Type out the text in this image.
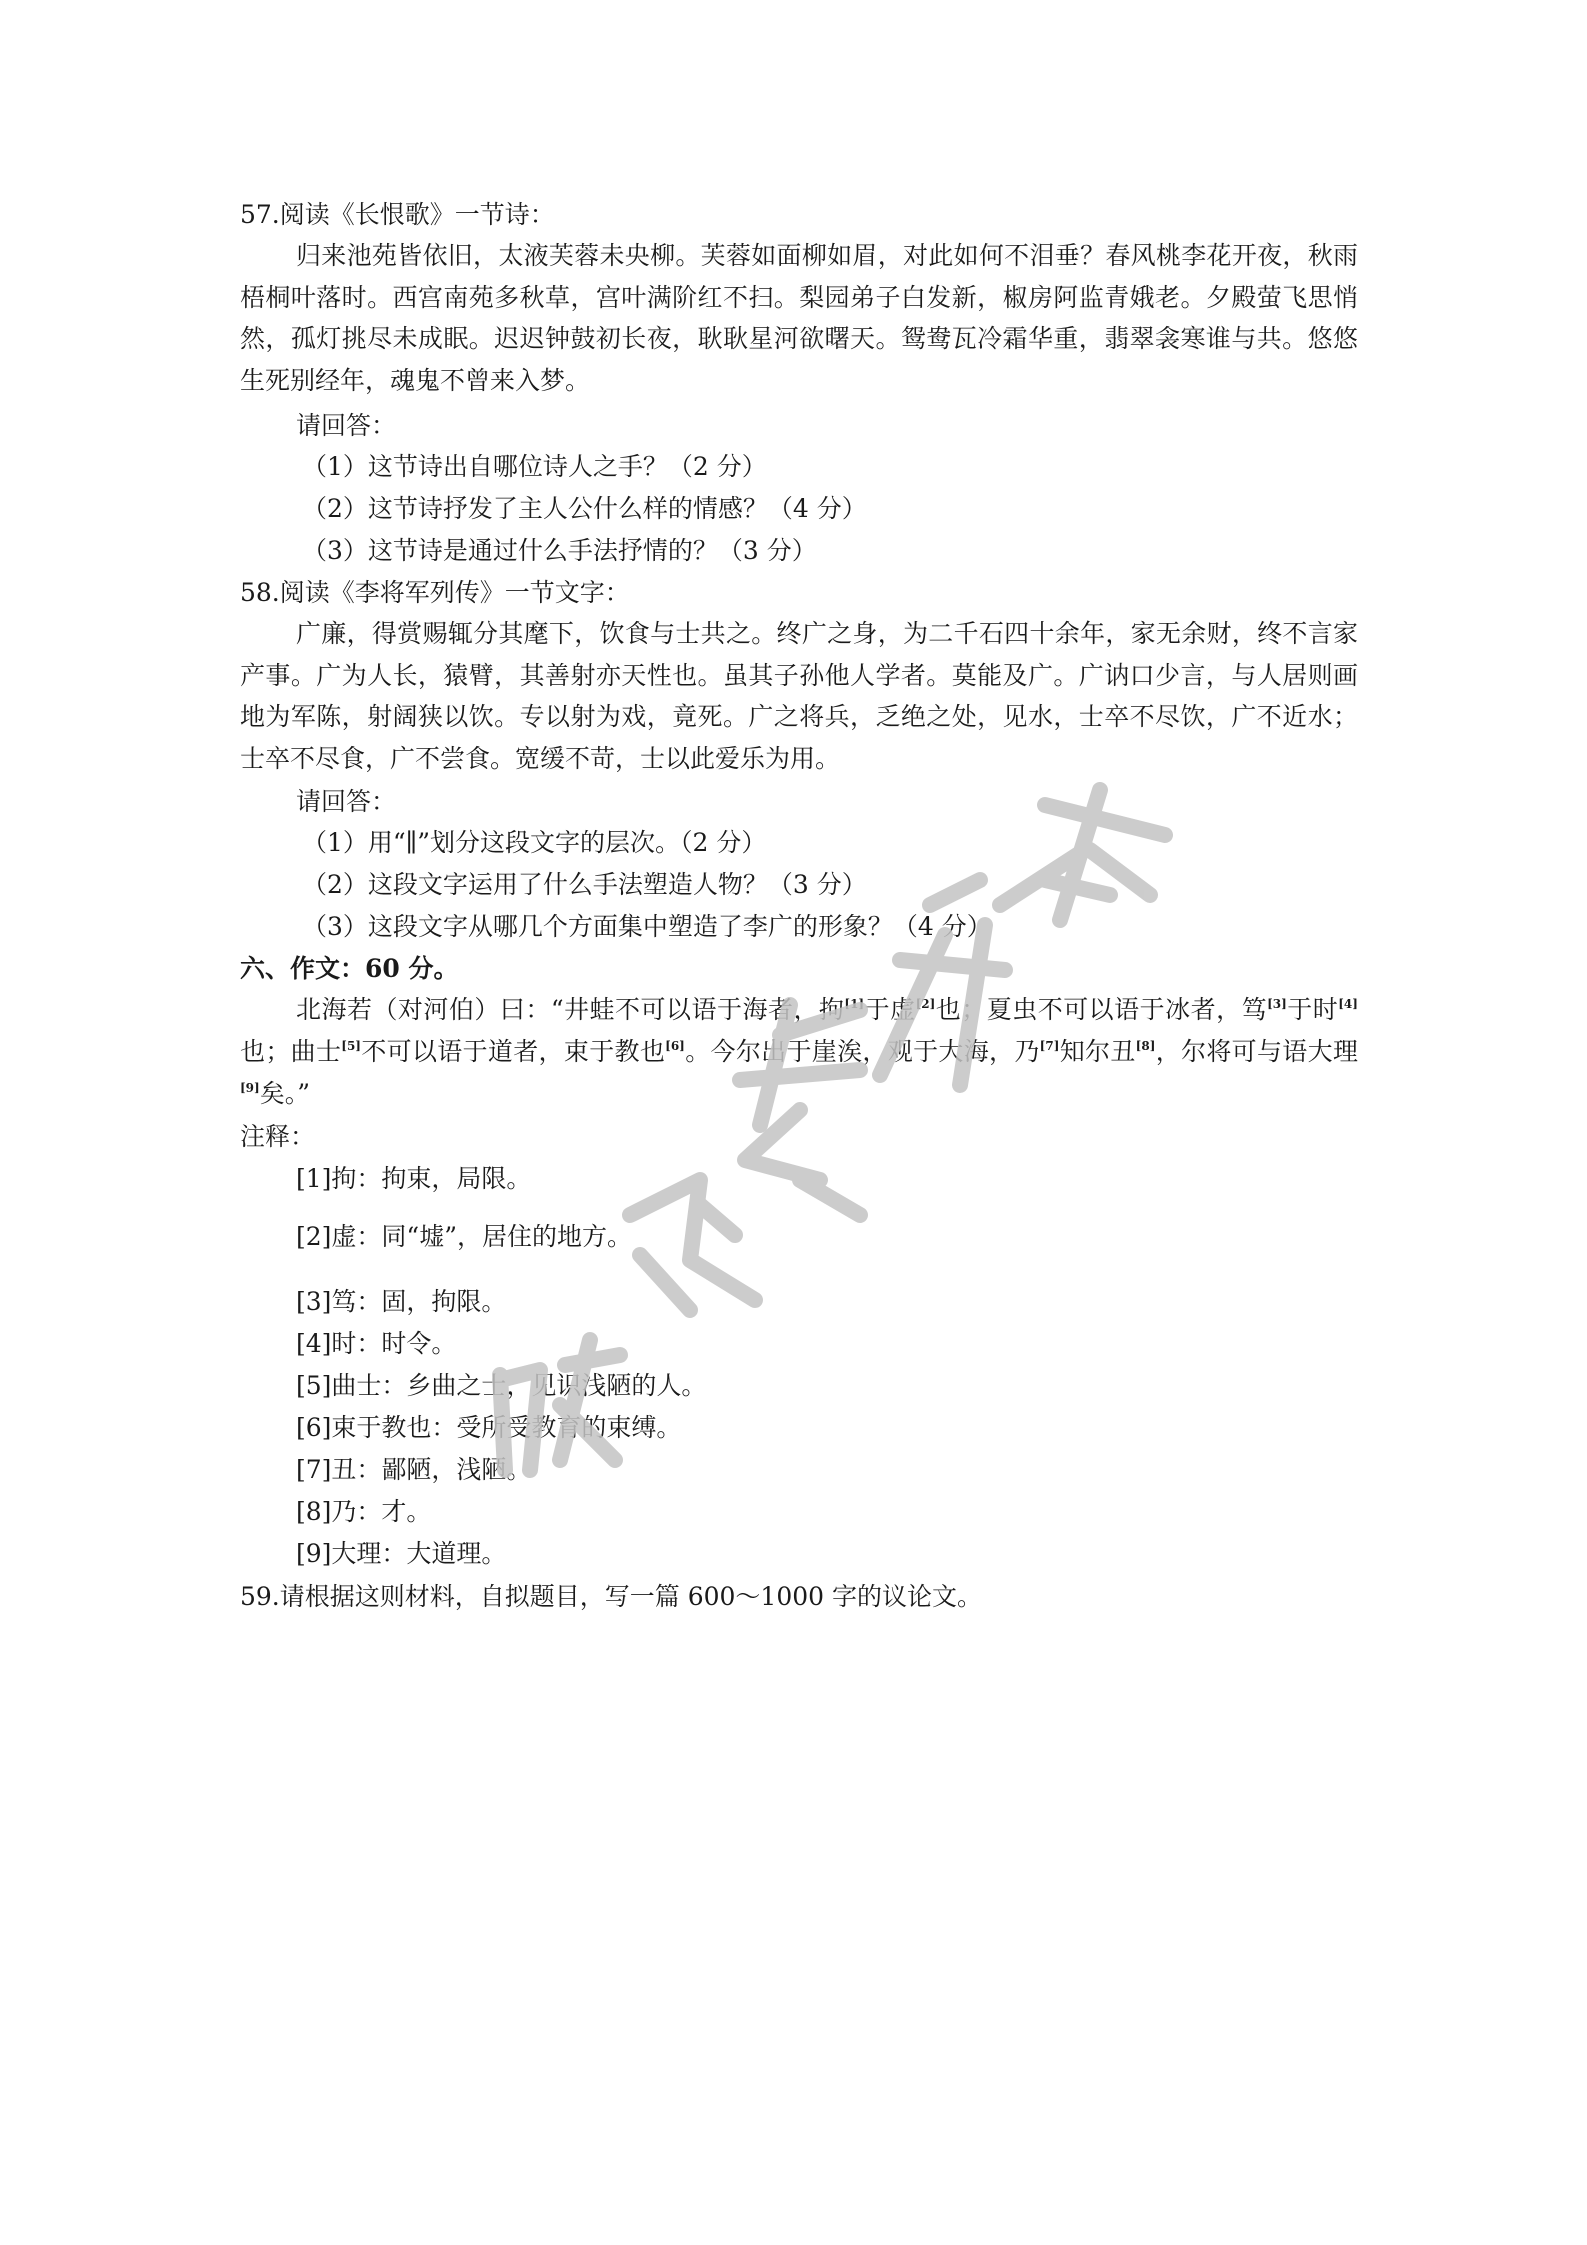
57.阅读《长恨歌》一节诗：
归来池苑皆依旧，太液芙蓉未央柳。芙蓉如面柳如眉，对此如何不泪垂？春风桃李花开夜，秋雨梧桐叶落时。西宫南苑多秋草，宫叶满阶红不扫。梨园弟子白发新，椒房阿监青娥老。夕殿萤飞思悄然，孤灯挑尽未成眠。迟迟钟鼓初长夜，耿耿星河欲曙天。鸳鸯瓦冷霜华重，翡翠衾寒谁与共。悠悠生死别经年，魂鬼不曾来入梦。
请回答：
（1）这节诗出自哪位诗人之手？（2 分）
（2）这节诗抒发了主人公什么样的情感？（4 分）
（3）这节诗是通过什么手法抒情的？（3 分）
58.阅读《李将军列传》一节文字：
广廉，得赏赐辄分其麾下，饮食与士共之。终广之身，为二千石四十余年，家无余财，终不言家产事。广为人长，猿臂，其善射亦天性也。虽其子孙他人学者。莫能及广。广讷口少言，与人居则画地为军陈，射阔狭以饮。专以射为戏，竟死。广之将兵，乏绝之处，见水，士卒不尽饮，广不近水；士卒不尽食，广不尝食。宽缓不苛，士以此爱乐为用。
请回答：
（1）用“∥”划分这段文字的层次。（2 分）
（2）这段文字运用了什么手法塑造人物？（3 分）
（3）这段文字从哪几个方面集中塑造了李广的形象？（4 分）
六、作文：60 分。
北海若（对河伯）曰：“井蛙不可以语于海者，拘[1]于虚[2]也；夏虫不可以语于冰者，笃[3]于时[4]也；曲士[5]不可以语于道者，束于教也[6]。今尔出于崖涘，观于大海，乃[7]知尔丑[8]，尔将可与语大理[9]矣。”
注释：
[1]拘：拘束，局限。
[2]虚：同“墟”，居住的地方。
[3]笃：固，拘限。
[4]时：时令。
[5]曲士：乡曲之士，见识浅陋的人。
[6]束于教也：受所受教育的束缚。
[7]丑：鄙陋，浅陋。
[8]乃：才。
[9]大理：大道理。
59.请根据这则材料，自拟题目，写一篇 600～1000 字的议论文。
